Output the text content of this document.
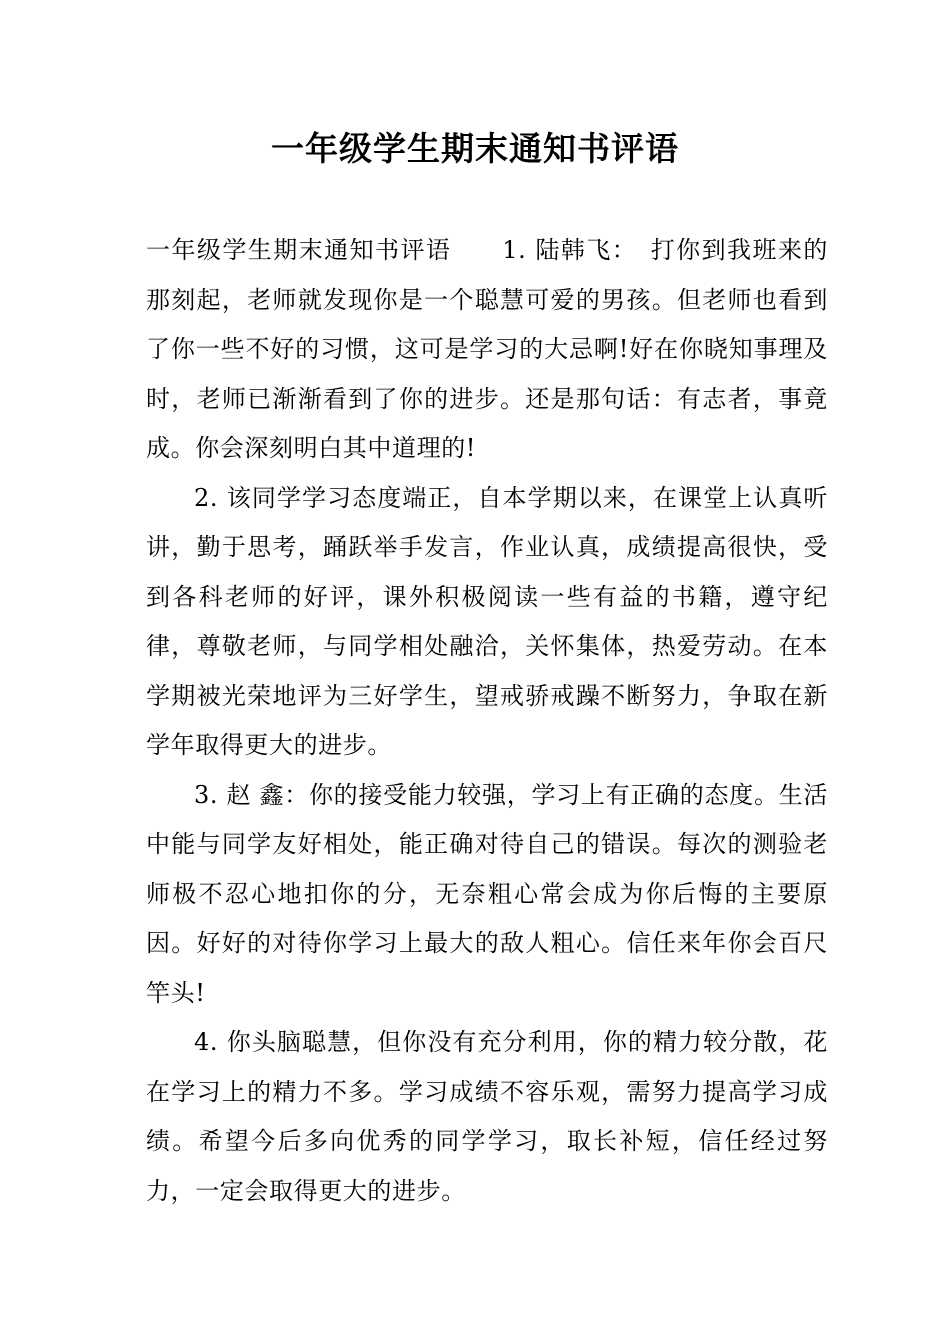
一年级学生期末通知书评语

一年级学生期末通知书评语　　1. 陆韩飞：　打你到我班来的那刻起，老师就发现你是一个聪慧可爱的男孩。但老师也看到了你一些不好的习惯，这可是学习的大忌啊!好在你晓知事理及时，老师已渐渐看到了你的进步。还是那句话：有志者，事竟成。你会深刻明白其中道理的!

2. 该同学学习态度端正，自本学期以来，在课堂上认真听讲，勤于思考，踊跃举手发言，作业认真，成绩提高很快，受到各科老师的好评，课外积极阅读一些有益的书籍，遵守纪律，尊敬老师，与同学相处融洽，关怀集体，热爱劳动。在本学期被光荣地评为三好学生，望戒骄戒躁不断努力，争取在新学年取得更大的进步。

3. 赵 鑫：你的接受能力较强，学习上有正确的态度。生活中能与同学友好相处，能正确对待自己的错误。每次的测验老师极不忍心地扣你的分，无奈粗心常会成为你后悔的主要原因。好好的对待你学习上最大的敌人粗心。信任来年你会百尺竿头!

4. 你头脑聪慧，但你没有充分利用，你的精力较分散，花在学习上的精力不多。学习成绩不容乐观，需努力提高学习成绩。希望今后多向优秀的同学学习，取长补短，信任经过努力，一定会取得更大的进步。
